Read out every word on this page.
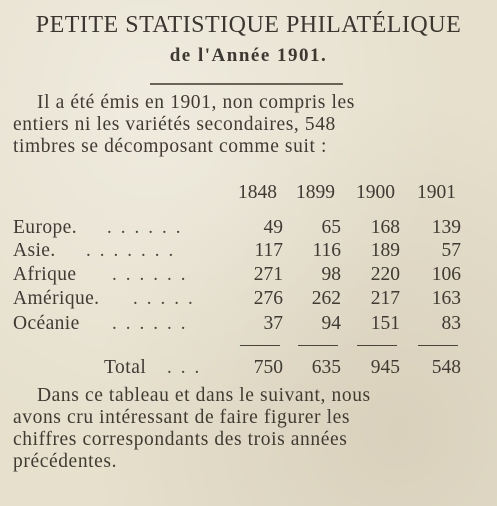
PETITE STATISTIQUE PHILATÉLIQUE
de l'Année 1901.
Il a été émis en 1901, non compris les
entiers ni les variétés secondaires, 548
timbres se décomposant comme suit :
1848 1899	1900	1901
Europe. ......	49	65	168	139
Asie. .......	117	116	189	57
Afrique ......	271	98	220	106
Amérique. .....	276	262	217	163
Océanie ......	37	94	151	83
Total ...	750	635	945	548
Dans ce tableau et dans le suivant, nous
avons cru intéressant de faire figurer les
chiffres correspondants des trois années
précédentes.
